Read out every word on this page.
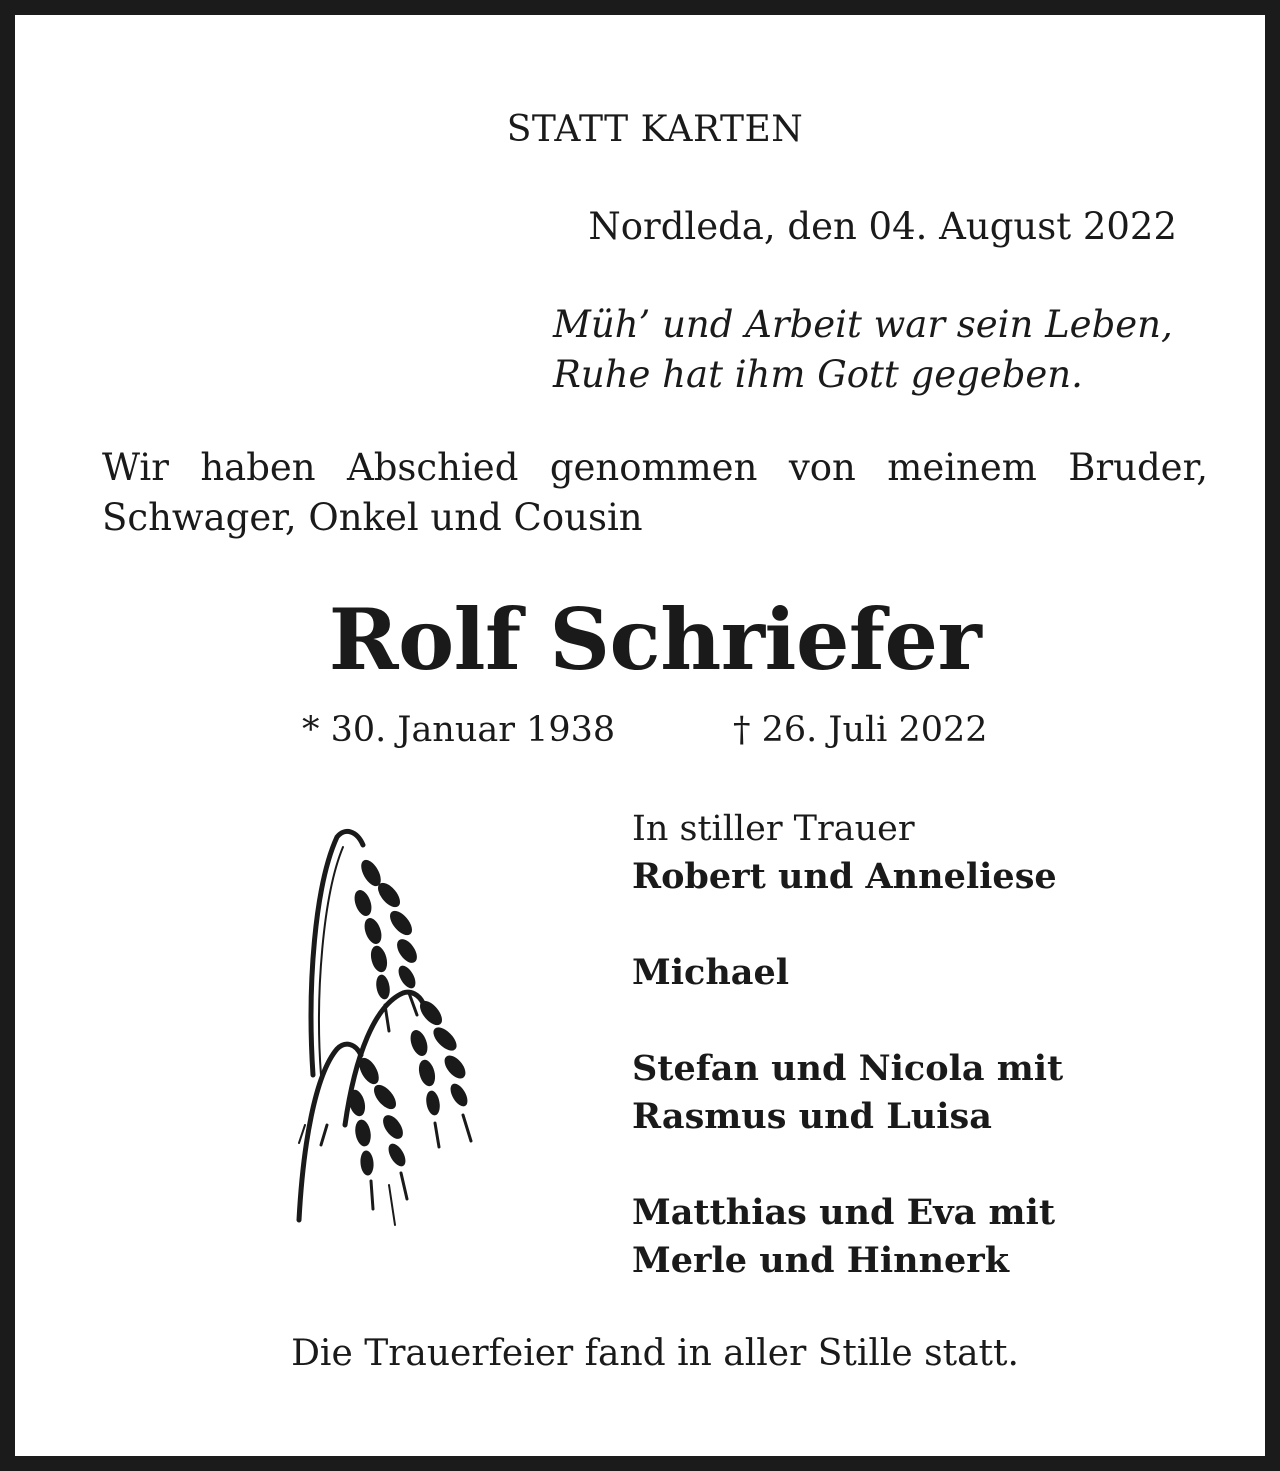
STATT KARTEN
Nordleda, den 04. August 2022
Müh’ und Arbeit war sein Leben,
Ruhe hat ihm Gott gegeben.
Wir haben Abschied genommen von meinem Bruder,
Schwager, Onkel und Cousin
Rolf Schriefer
* 30. Januar 1938	† 26. Juli 2022
In stiller Trauer
Robert und Anneliese
Michael
Stefan und Nicola mit
Rasmus und Luisa
Matthias und Eva mit
Merle und Hinnerk
Die Trauerfeier fand in aller Stille statt.
